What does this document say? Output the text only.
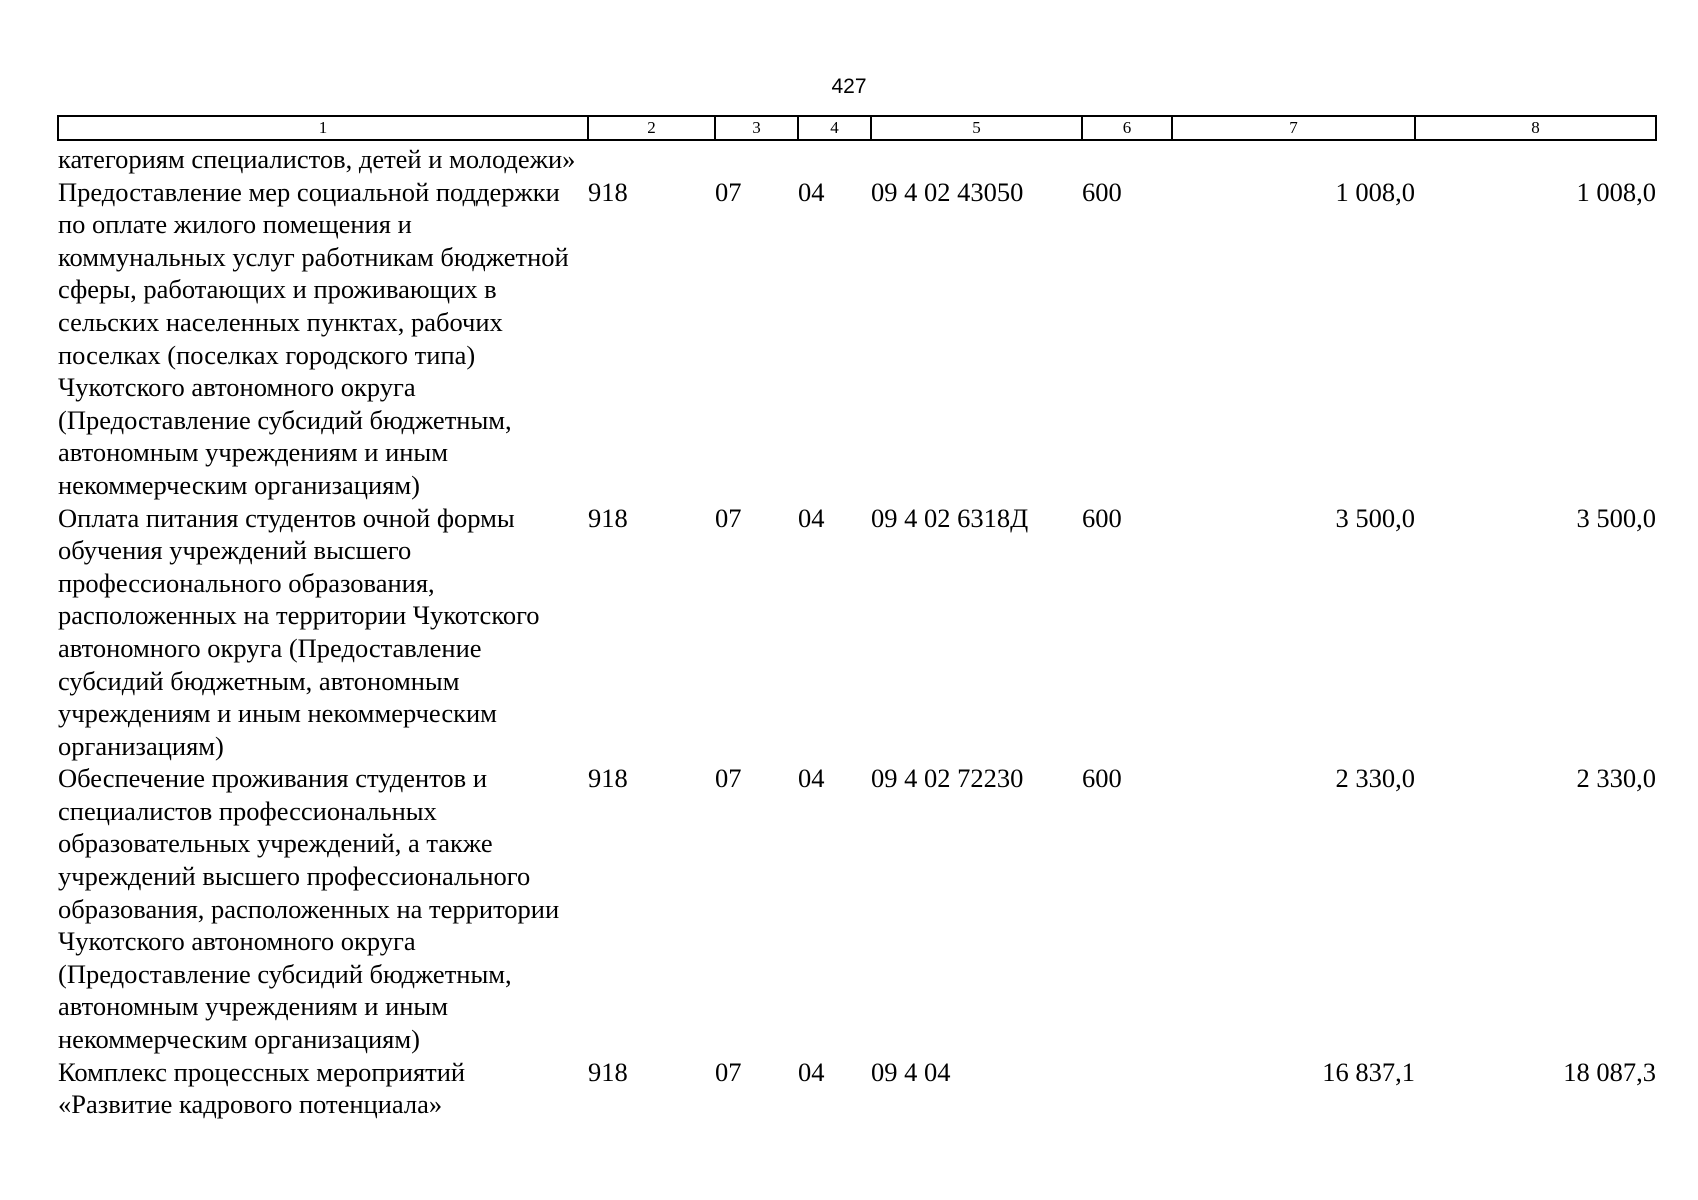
427
1	2	3	4	5	6	7	8
категориям специалистов, детей и молодежи»							
Предоставление мер социальной поддержки по оплате жилого помещения и коммунальных услуг работникам бюджетной сферы, работающих и проживающих в сельских населенных пунктах, рабочих поселках (поселках городского типа) Чукотского автономного округа (Предоставление субсидий бюджетным, автономным учреждениям и иным некоммерческим организациям)	918	07	04	09 4 02 43050	600	1 008,0	1 008,0
Оплата питания студентов очной формы обучения учреждений высшего профессионального образования, расположенных на территории Чукотского автономного округа (Предоставление субсидий бюджетным, автономным учреждениям и иным некоммерческим организациям)	918	07	04	09 4 02 6318Д	600	3 500,0	3 500,0
Обеспечение проживания студентов и специалистов профессиональных образовательных учреждений, а также учреждений высшего профессионального образования, расположенных на территории Чукотского автономного округа (Предоставление субсидий бюджетным, автономным учреждениям и иным некоммерческим организациям)	918	07	04	09 4 02 72230	600	2 330,0	2 330,0
Комплекс процессных мероприятий «Развитие кадрового потенциала»	918	07	04	09 4 04		16 837,1	18 087,3
